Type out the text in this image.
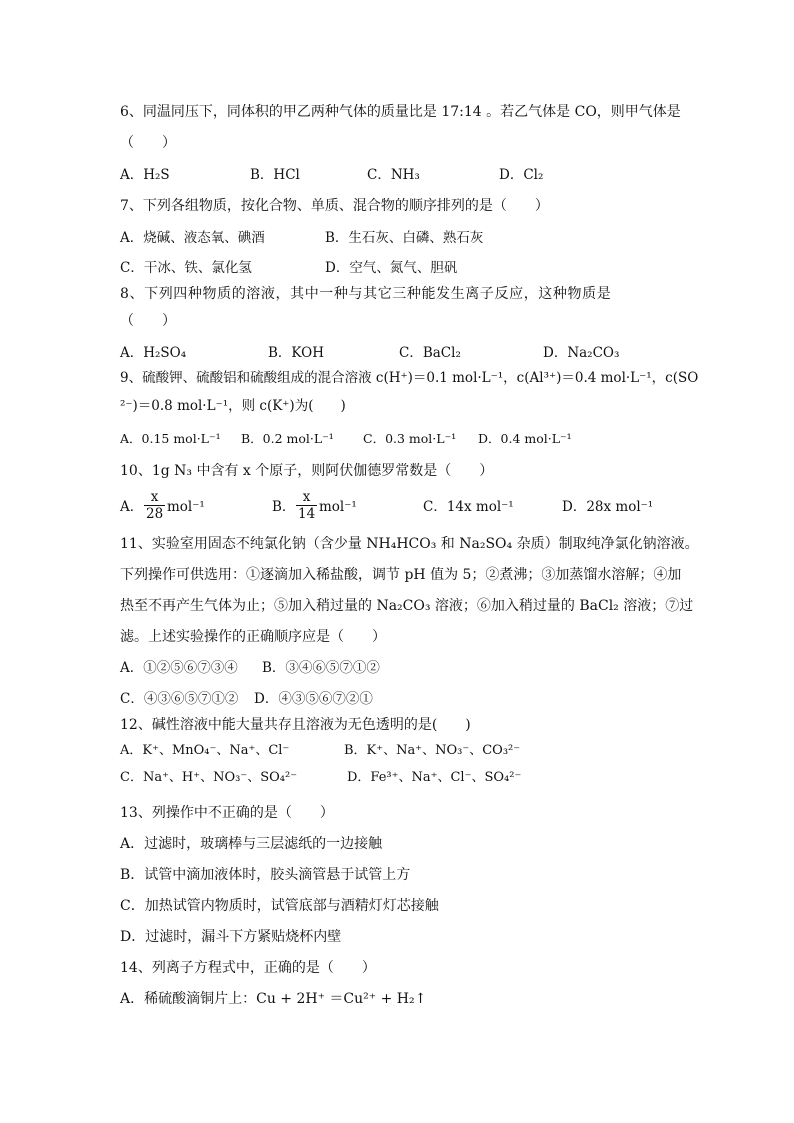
6、同温同压下，同体积的甲乙两种气体的质量比是 17:14 。若乙气体是 CO，则甲气体是
（　　）
A．H₂S	B．HCl	C．NH₃	D．Cl₂
7、下列各组物质，按化合物、单质、混合物的顺序排列的是（　　）
A．烧碱、液态氧、碘酒	B．生石灰、白磷、熟石灰
C．干冰、铁、氯化氢	D．空气、氮气、胆矾
8、下列四种物质的溶液，其中一种与其它三种能发生离子反应，这种物质是
（　　）
A．H₂SO₄	B．KOH	C．BaCl₂	D．Na₂CO₃
9、硫酸钾、硫酸铝和硫酸组成的混合溶液 c(H⁺)＝0.1 mol·L⁻¹，c(Al³⁺)＝0.4 mol·L⁻¹，c(SO
²⁻)＝0.8 mol·L⁻¹，则 c(K⁺)为(　　)
A．0.15 mol·L⁻¹ B．0.2 mol·L⁻¹ C．0.3 mol·L⁻¹ D．0.4 mol·L⁻¹
10、1g N₃ 中含有 x 个原子，则阿伏伽德罗常数是（　　）
A． $\frac{x}{28} mol^{-1}$	B． $\frac{x}{14} mol^{-1}$	C．14x mol⁻¹	D．28x mol⁻¹
11、实验室用固态不纯氯化钠（含少量 NH₄HCO₃ 和 Na₂SO₄ 杂质）制取纯净氯化钠溶液。
下列操作可供选用：①逐滴加入稀盐酸，调节 pH 值为 5；②煮沸；③加蒸馏水溶解；④加
热至不再产生气体为止；⑤加入稍过量的 Na₂CO₃ 溶液；⑥加入稍过量的 BaCl₂ 溶液；⑦过
滤。上述实验操作的正确顺序应是（　　）
A．①②⑤⑥⑦③④ B．③④⑥⑤⑦①②
C．④③⑥⑤⑦①② D．④③⑤⑥⑦②①
12、碱性溶液中能大量共存且溶液为无色透明的是(　　)
A．K⁺、MnO₄⁻、Na⁺、Cl⁻	B．K⁺、Na⁺、NO₃⁻、CO₃²⁻
C．Na⁺、H⁺、NO₃⁻、SO₄²⁻	D．Fe³⁺、Na⁺、Cl⁻、SO₄²⁻
13、列操作中不正确的是（　　）
A．过滤时，玻璃棒与三层滤纸的一边接触
B．试管中滴加液体时，胶头滴管悬于试管上方
C．加热试管内物质时，试管底部与酒精灯灯芯接触
D．过滤时，漏斗下方紧贴烧杯内壁
14、列离子方程式中，正确的是（　　）
A．稀硫酸滴铜片上：Cu + 2H⁺ ＝Cu²⁺ + H₂↑
